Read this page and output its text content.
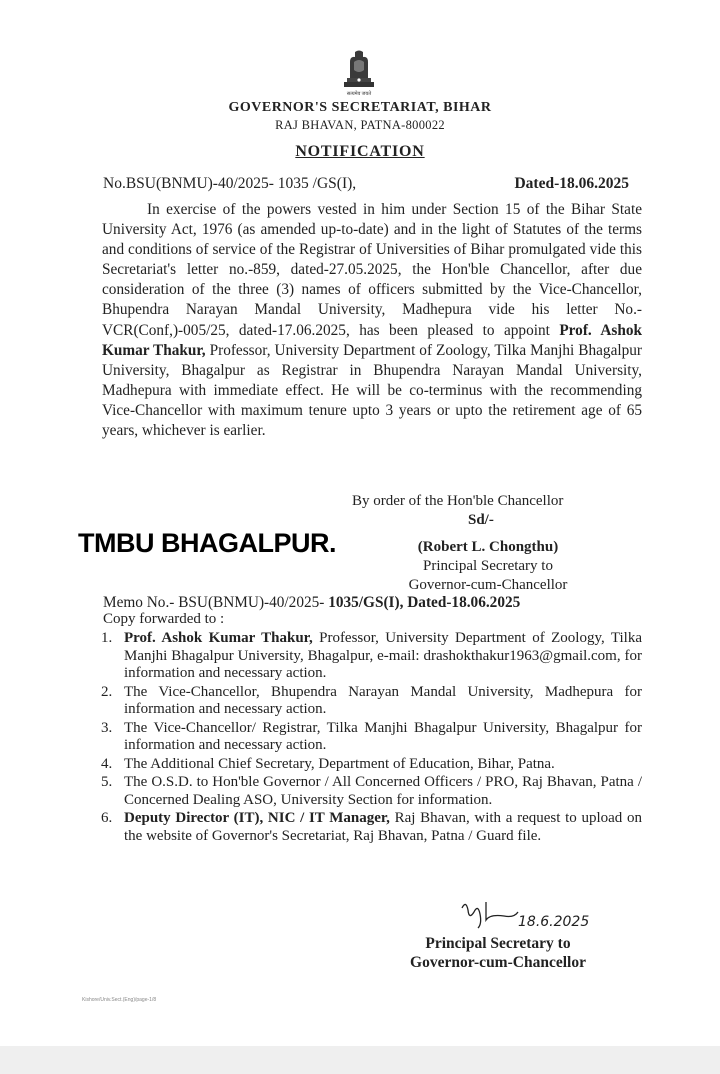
सत्यमेव जयते
GOVERNOR'S SECRETARIAT, BIHAR
RAJ BHAVAN, PATNA-800022
NOTIFICATION
No.BSU(BNMU)-40/2025- 1035 /GS(I),	Dated-18.06.2025
In exercise of the powers vested in him under Section 15 of the Bihar State University Act, 1976 (as amended up-to-date) and in the light of Statutes of the terms and conditions of service of the Registrar of Universities of Bihar promulgated vide this Secretariat's letter no.-859, dated-27.05.2025, the Hon'ble Chancellor, after due consideration of the three (3) names of officers submitted by the Vice-Chancellor, Bhupendra Narayan Mandal University, Madhepura vide his letter No.-VCR(Conf,)-005/25, dated-17.06.2025, has been pleased to appoint Prof. Ashok Kumar Thakur, Professor, University Department of Zoology, Tilka Manjhi Bhagalpur University, Bhagalpur as Registrar in Bhupendra Narayan Mandal University, Madhepura with immediate effect. He will be co-terminus with the recommending Vice-Chancellor with maximum tenure upto 3 years or upto the retirement age of 65 years, whichever is earlier.
By order of the Hon'ble Chancellor
Sd/-
TMBU BHAGALPUR.	(Robert L. Chongthu)
Principal Secretary to
Governor-cum-Chancellor
Memo No.- BSU(BNMU)-40/2025- 1035/GS(I), Dated-18.06.2025
Copy forwarded to :
1. Prof. Ashok Kumar Thakur, Professor, University Department of Zoology, Tilka Manjhi Bhagalpur University, Bhagalpur, e-mail: drashokthakur1963@gmail.com, for information and necessary action.
2. The Vice-Chancellor, Bhupendra Narayan Mandal University, Madhepura for information and necessary action.
3. The Vice-Chancellor/ Registrar, Tilka Manjhi Bhagalpur University, Bhagalpur for information and necessary action.
4. The Additional Chief Secretary, Department of Education, Bihar, Patna.
5. The O.S.D. to Hon'ble Governor / All Concerned Officers / PRO, Raj Bhavan, Patna / Concerned Dealing ASO, University Section for information.
6. Deputy Director (IT), NIC / IT Manager, Raj Bhavan, with a request to upload on the website of Governor's Secretariat, Raj Bhavan, Patna / Guard file.
18.6.2025
Principal Secretary to
Governor-cum-Chancellor
Kishore/Univ.Sect.(Eng)/page-1/8
